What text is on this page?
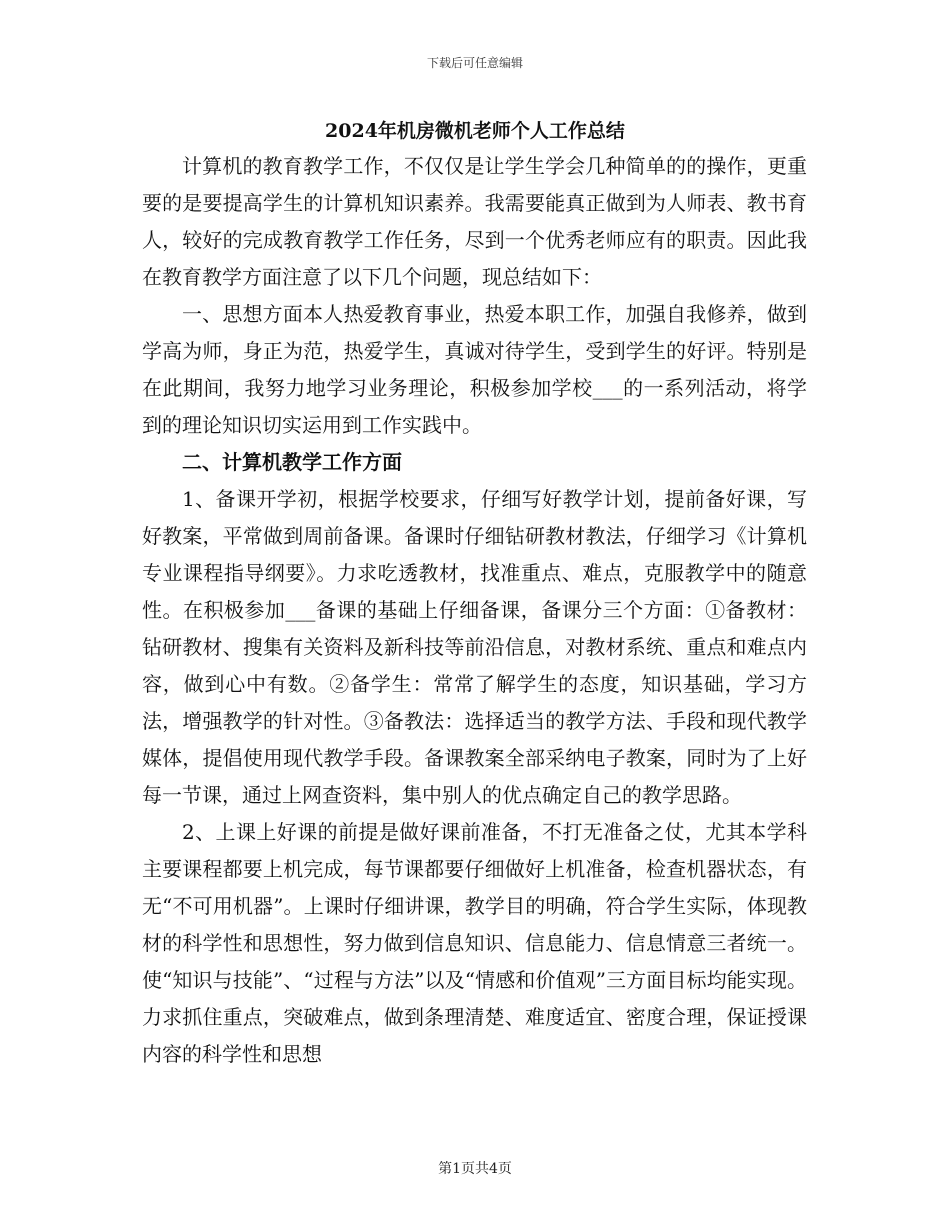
下载后可任意编辑
2024年机房微机老师个人工作总结

计算机的教育教学工作，不仅仅是让学生学会几种简单的的操作，更重要的是要提高学生的计算机知识素养。我需要能真正做到为人师表、教书育人，较好的完成教育教学工作任务，尽到一个优秀老师应有的职责。因此我在教育教学方面注意了以下几个问题，现总结如下：

一、思想方面本人热爱教育事业，热爱本职工作，加强自我修养，做到学高为师，身正为范，热爱学生，真诚对待学生，受到学生的好评。特别是在此期间，我努力地学习业务理论，积极参加学校___的一系列活动，将学到的理论知识切实运用到工作实践中。

二、计算机教学工作方面

1、备课开学初，根据学校要求，仔细写好教学计划，提前备好课，写好教案，平常做到周前备课。备课时仔细钻研教材教法，仔细学习《计算机专业课程指导纲要》。力求吃透教材，找准重点、难点，克服教学中的随意性。在积极参加___备课的基础上仔细备课，备课分三个方面：①备教材：钻研教材、搜集有关资料及新科技等前沿信息，对教材系统、重点和难点内容，做到心中有数。②备学生：常常了解学生的态度，知识基础，学习方法，增强教学的针对性。③备教法：选择适当的教学方法、手段和现代教学媒体，提倡使用现代教学手段。备课教案全部采纳电子教案，同时为了上好每一节课，通过上网查资料，集中别人的优点确定自己的教学思路。

2、上课上好课的前提是做好课前准备，不打无准备之仗，尤其本学科主要课程都要上机完成，每节课都要仔细做好上机准备，检查机器状态，有无“不可用机器”。上课时仔细讲课，教学目的明确，符合学生实际，体现教材的科学性和思想性，努力做到信息知识、信息能力、信息情意三者统一。使“知识与技能”、“过程与方法”以及“情感和价值观”三方面目标均能实现。力求抓住重点，突破难点，做到条理清楚、难度适宜、密度合理，保证授课内容的科学性和思想

第1页共4页
